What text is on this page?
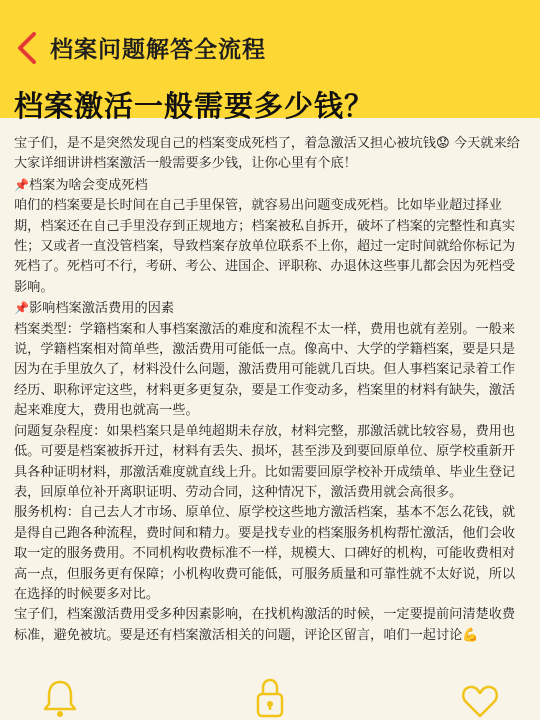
档案问题解答全流程
档案激活一般需要多少钱？

宝子们，是不是突然发现自己的档案变成死档了，着急激活又担心被坑钱😟 今天就来给大家详细讲讲档案激活一般需要多少钱，让你心里有个底！

📌档案为啥会变成死档

咱们的档案要是长时间在自己手里保管，就容易出问题变成死档。比如毕业超过择业期，档案还在自己手里没存到正规地方；档案被私自拆开，破坏了档案的完整性和真实性；又或者一直没管档案，导致档案存放单位联系不上你，超过一定时间就给你标记为死档了。死档可不行，考研、考公、进国企、评职称、办退休这些事儿都会因为死档受影响。

📌影响档案激活费用的因素

档案类型：学籍档案和人事档案激活的难度和流程不太一样，费用也就有差别。一般来说，学籍档案相对简单些，激活费用可能低一点。像高中、大学的学籍档案，要是只是因为在手里放久了，材料没什么问题，激活费用可能就几百块。但人事档案记录着工作经历、职称评定这些，材料更多更复杂，要是工作变动多，档案里的材料有缺失，激活起来难度大，费用也就高一些。

问题复杂程度：如果档案只是单纯超期未存放，材料完整，那激活就比较容易，费用也低。可要是档案被拆开过，材料有丢失、损坏，甚至涉及到要回原单位、原学校重新开具各种证明材料，那激活难度就直线上升。比如需要回原学校补开成绩单、毕业生登记表，回原单位补开离职证明、劳动合同，这种情况下，激活费用就会高很多。

服务机构：自己去人才市场、原单位、原学校这些地方激活档案，基本不怎么花钱，就是得自己跑各种流程，费时间和精力。要是找专业的档案服务机构帮忙激活，他们会收取一定的服务费用。不同机构收费标准不一样，规模大、口碑好的机构，可能收费相对高一点，但服务更有保障；小机构收费可能低，可服务质量和可靠性就不太好说，所以在选择的时候要多对比。

宝子们，档案激活费用受多种因素影响，在找机构激活的时候，一定要提前问清楚收费标准，避免被坑。要是还有档案激活相关的问题，评论区留言，咱们一起讨论💪
